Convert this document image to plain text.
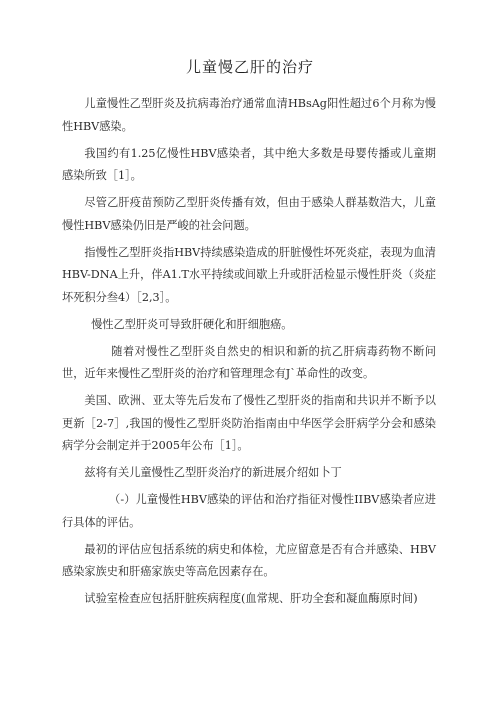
儿童慢乙肝的治疗

儿童慢性乙型肝炎及抗病毒治疗通常血清HBsAg阳性超过6个月称为慢性HBV感染。

我国约有1.25亿慢性HBV感染者，其中绝大多数是母婴传播或儿童期感染所致［1］。

尽管乙肝疫苗预防乙型肝炎传播有效，但由于感染人群基数浩大，儿童慢性HBV感染仍旧是严峻的社会问题。

指慢性乙型肝炎指HBV持续感染造成的肝脏慢性坏死炎症，表现为血清HBV-DNA上升，伴A1.T水平持续或间歇上升或肝活检显示慢性肝炎（炎症坏死积分叁4）［2,3］。

慢性乙型肝炎可导致肝硬化和肝细胞癌。

随着对慢性乙型肝炎自然史的相识和新的抗乙肝病毒药物不断问世，近年来慢性乙型肝炎的治疗和管理理念有J`革命性的改变。

美国、欧洲、亚太等先后发布了慢性乙型肝炎的指南和共识并不断予以更新［2-7］,我国的慢性乙型肝炎防治指南由中华医学会肝病学分会和感染病学分会制定并于2005年公布［1］。

兹将有关儿童慢性乙型肝炎治疗的新进展介绍如卜丁

（-）儿童慢性HBV感染的评估和治疗指征对慢性IIBV感染者应进行具体的评估。

最初的评估应包括系统的病史和体检，尤应留意是否有合并感染、HBV感染家族史和肝癌家族史等高危因素存在。

试验室检查应包括肝脏疾病程度(血常规、肝功全套和凝血酶原时间)
